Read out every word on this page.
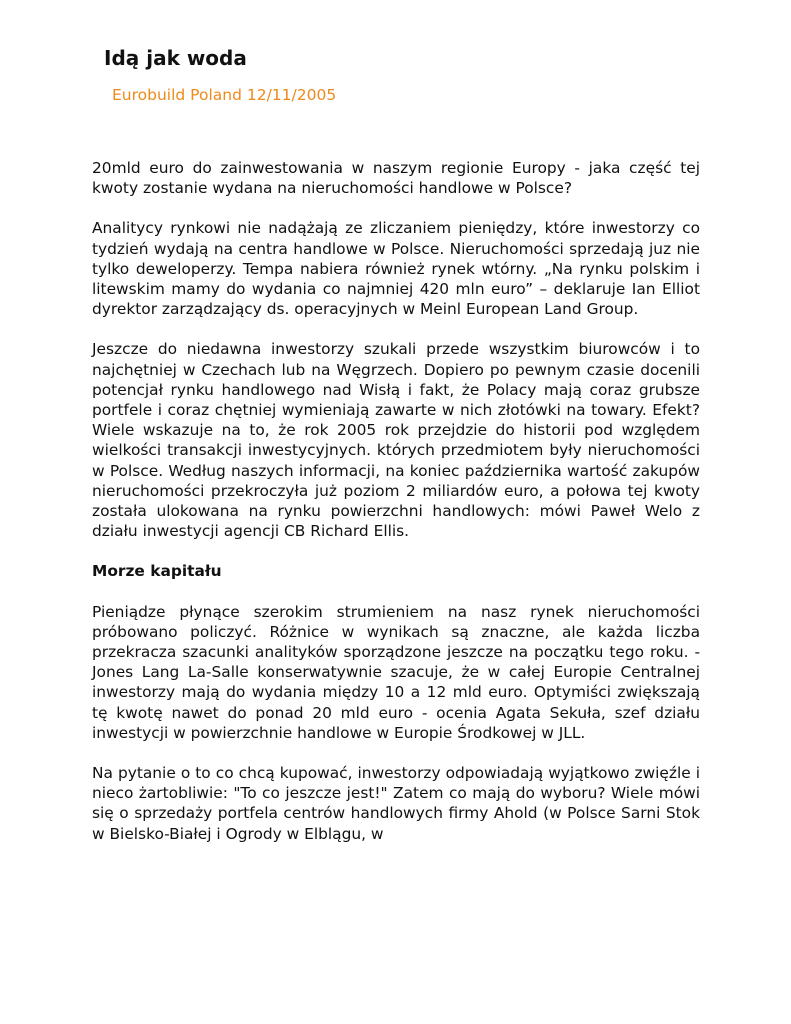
Idą jak woda

Eurobuild Poland 12/11/2005

20mld euro do zainwestowania w naszym regionie Europy - jaka część tej kwoty zostanie wydana na nieruchomości handlowe w Polsce?

Analitycy rynkowi nie nadążają ze zliczaniem pieniędzy, które inwestorzy co tydzień wydają na centra handlowe w Polsce. Nieruchomości sprzedają juz nie tylko deweloperzy. Tempa nabiera również rynek wtórny. „Na rynku polskim i litewskim mamy do wydania co najmniej 420 mln euro” – deklaruje Ian Elliot dyrektor zarządzający ds. operacyjnych w Meinl European Land Group.

Jeszcze do niedawna inwestorzy szukali przede wszystkim biurowców i to najchętniej w Czechach lub na Węgrzech. Dopiero po pewnym czasie docenili potencjał rynku handlowego nad Wisłą i fakt, że Polacy mają coraz grubsze portfele i coraz chętniej wymieniają zawarte w nich złotówki na towary. Efekt? Wiele wskazuje na to, że rok 2005 rok przejdzie do historii pod względem wielkości transakcji inwestycyjnych. których przedmiotem były nieruchomości w Polsce. Według naszych informacji, na koniec października wartość zakupów nieruchomości przekroczyła już poziom 2 miliardów euro, a połowa tej kwoty została ulokowana na rynku powierzchni handlowych: mówi Paweł Welo z działu inwestycji agencji CB Richard Ellis.

Morze kapitału

Pieniądze płynące szerokim strumieniem na nasz rynek nieruchomości próbowano policzyć. Różnice w wynikach są znaczne, ale każda liczba przekracza szacunki analityków sporządzone jeszcze na początku tego roku. - Jones Lang La-Salle konserwatywnie szacuje, że w całej Europie Centralnej inwestorzy mają do wydania między 10 a 12 mld euro. Optymiści zwiększają tę kwotę nawet do ponad 20 mld euro - ocenia Agata Sekuła, szef działu inwestycji w powierzchnie handlowe w Europie Środkowej w JLL.

Na pytanie o to co chcą kupować, inwestorzy odpowiadają wyjątkowo zwięźle i nieco żartobliwie: "To co jeszcze jest!" Zatem co mają do wyboru? Wiele mówi się o sprzedaży portfela centrów handlowych firmy Ahold (w Polsce Sarni Stok w Bielsko-Białej i Ogrody w Elblągu, w
